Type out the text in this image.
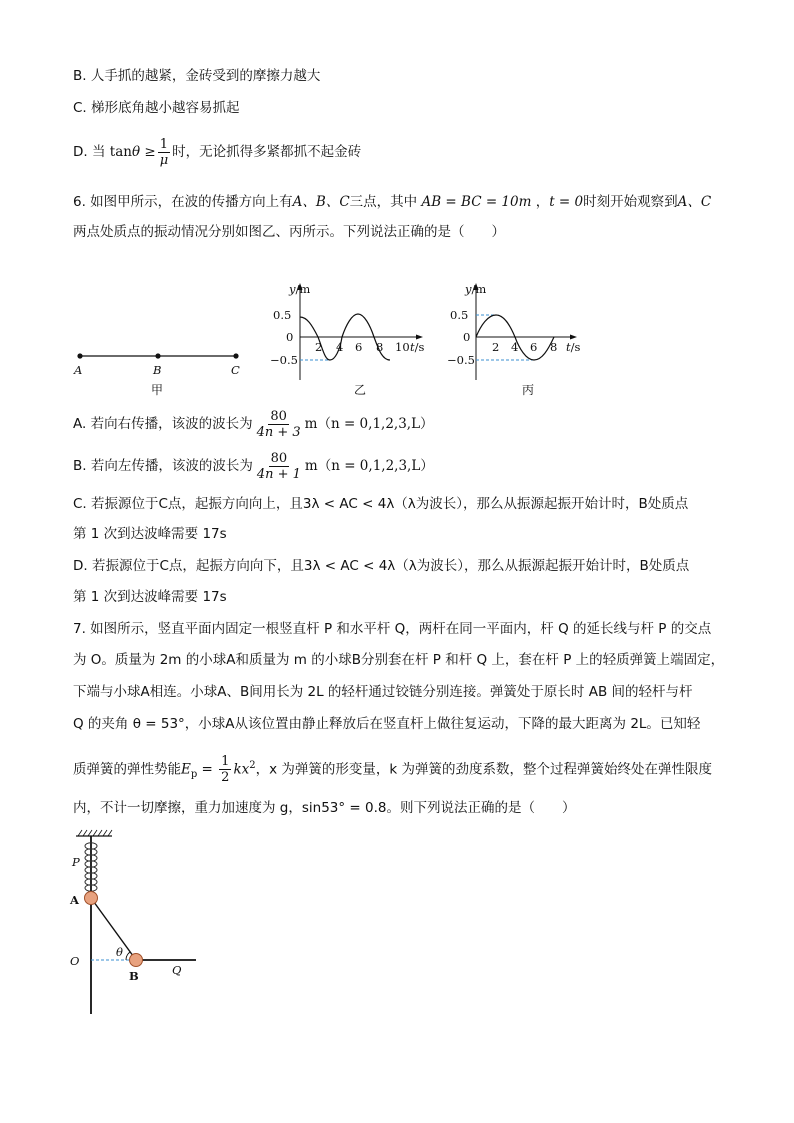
B. 人手抓的越紧，金砖受到的摩擦力越大
C. 梯形底角越小越容易抓起
D. 当 $\tan\theta \ge \frac{1}{\mu}$ 时，无论抓得多紧都抓不起金砖
6. 如图甲所示，在波的传播方向上有A、B、C三点，其中 AB = BC = 10m ，t = 0时刻开始观察到A、C
两点处质点的振动情况分别如图乙、丙所示。下列说法正确的是（　　）
A	B	C
甲
y/m
0.5
0
−0.5
2 4 6 8 10 t/s
乙
y/m
0.5
0
−0.5
2 4 6 8 t/s
丙
A. 若向右传播，该波的波长为 $\frac{80}{4n + 3} m(n = 0,1,2,3,L)$
B. 若向左传播，该波的波长为 $\frac{80}{4n + 1} m(n = 0,1,2,3,L)$
C. 若振源位于C点，起振方向向上，且3λ < AC < 4λ（λ为波长），那么从振源起振开始计时，B处质点
第 1 次到达波峰需要 17s
D. 若振源位于C点，起振方向向下，且3λ < AC < 4λ（λ为波长），那么从振源起振开始计时，B处质点
第 1 次到达波峰需要 17s
7. 如图所示，竖直平面内固定一根竖直杆 P 和水平杆 Q，两杆在同一平面内，杆 Q 的延长线与杆 P 的交点
为 O。质量为 2m 的小球A和质量为 m 的小球B分别套在杆 P 和杆 Q 上，套在杆 P 上的轻质弹簧上端固定，
下端与小球A相连。小球A、B间用长为 2L 的轻杆通过铰链分别连接。弹簧处于原长时 AB 间的轻杆与杆
Q 的夹角 θ = 53°，小球A从该位置由静止释放后在竖直杆上做往复运动，下降的最大距离为 2L。已知轻
质弹簧的弹性势能$E_p = \frac{1}{2} kx^2$，x 为弹簧的形变量，k 为弹簧的劲度系数，整个过程弹簧始终处在弹性限度
内，不计一切摩擦，重力加速度为 g，sin53° = 0.8。则下列说法正确的是（　　）
P
A
O
θ
B	Q
